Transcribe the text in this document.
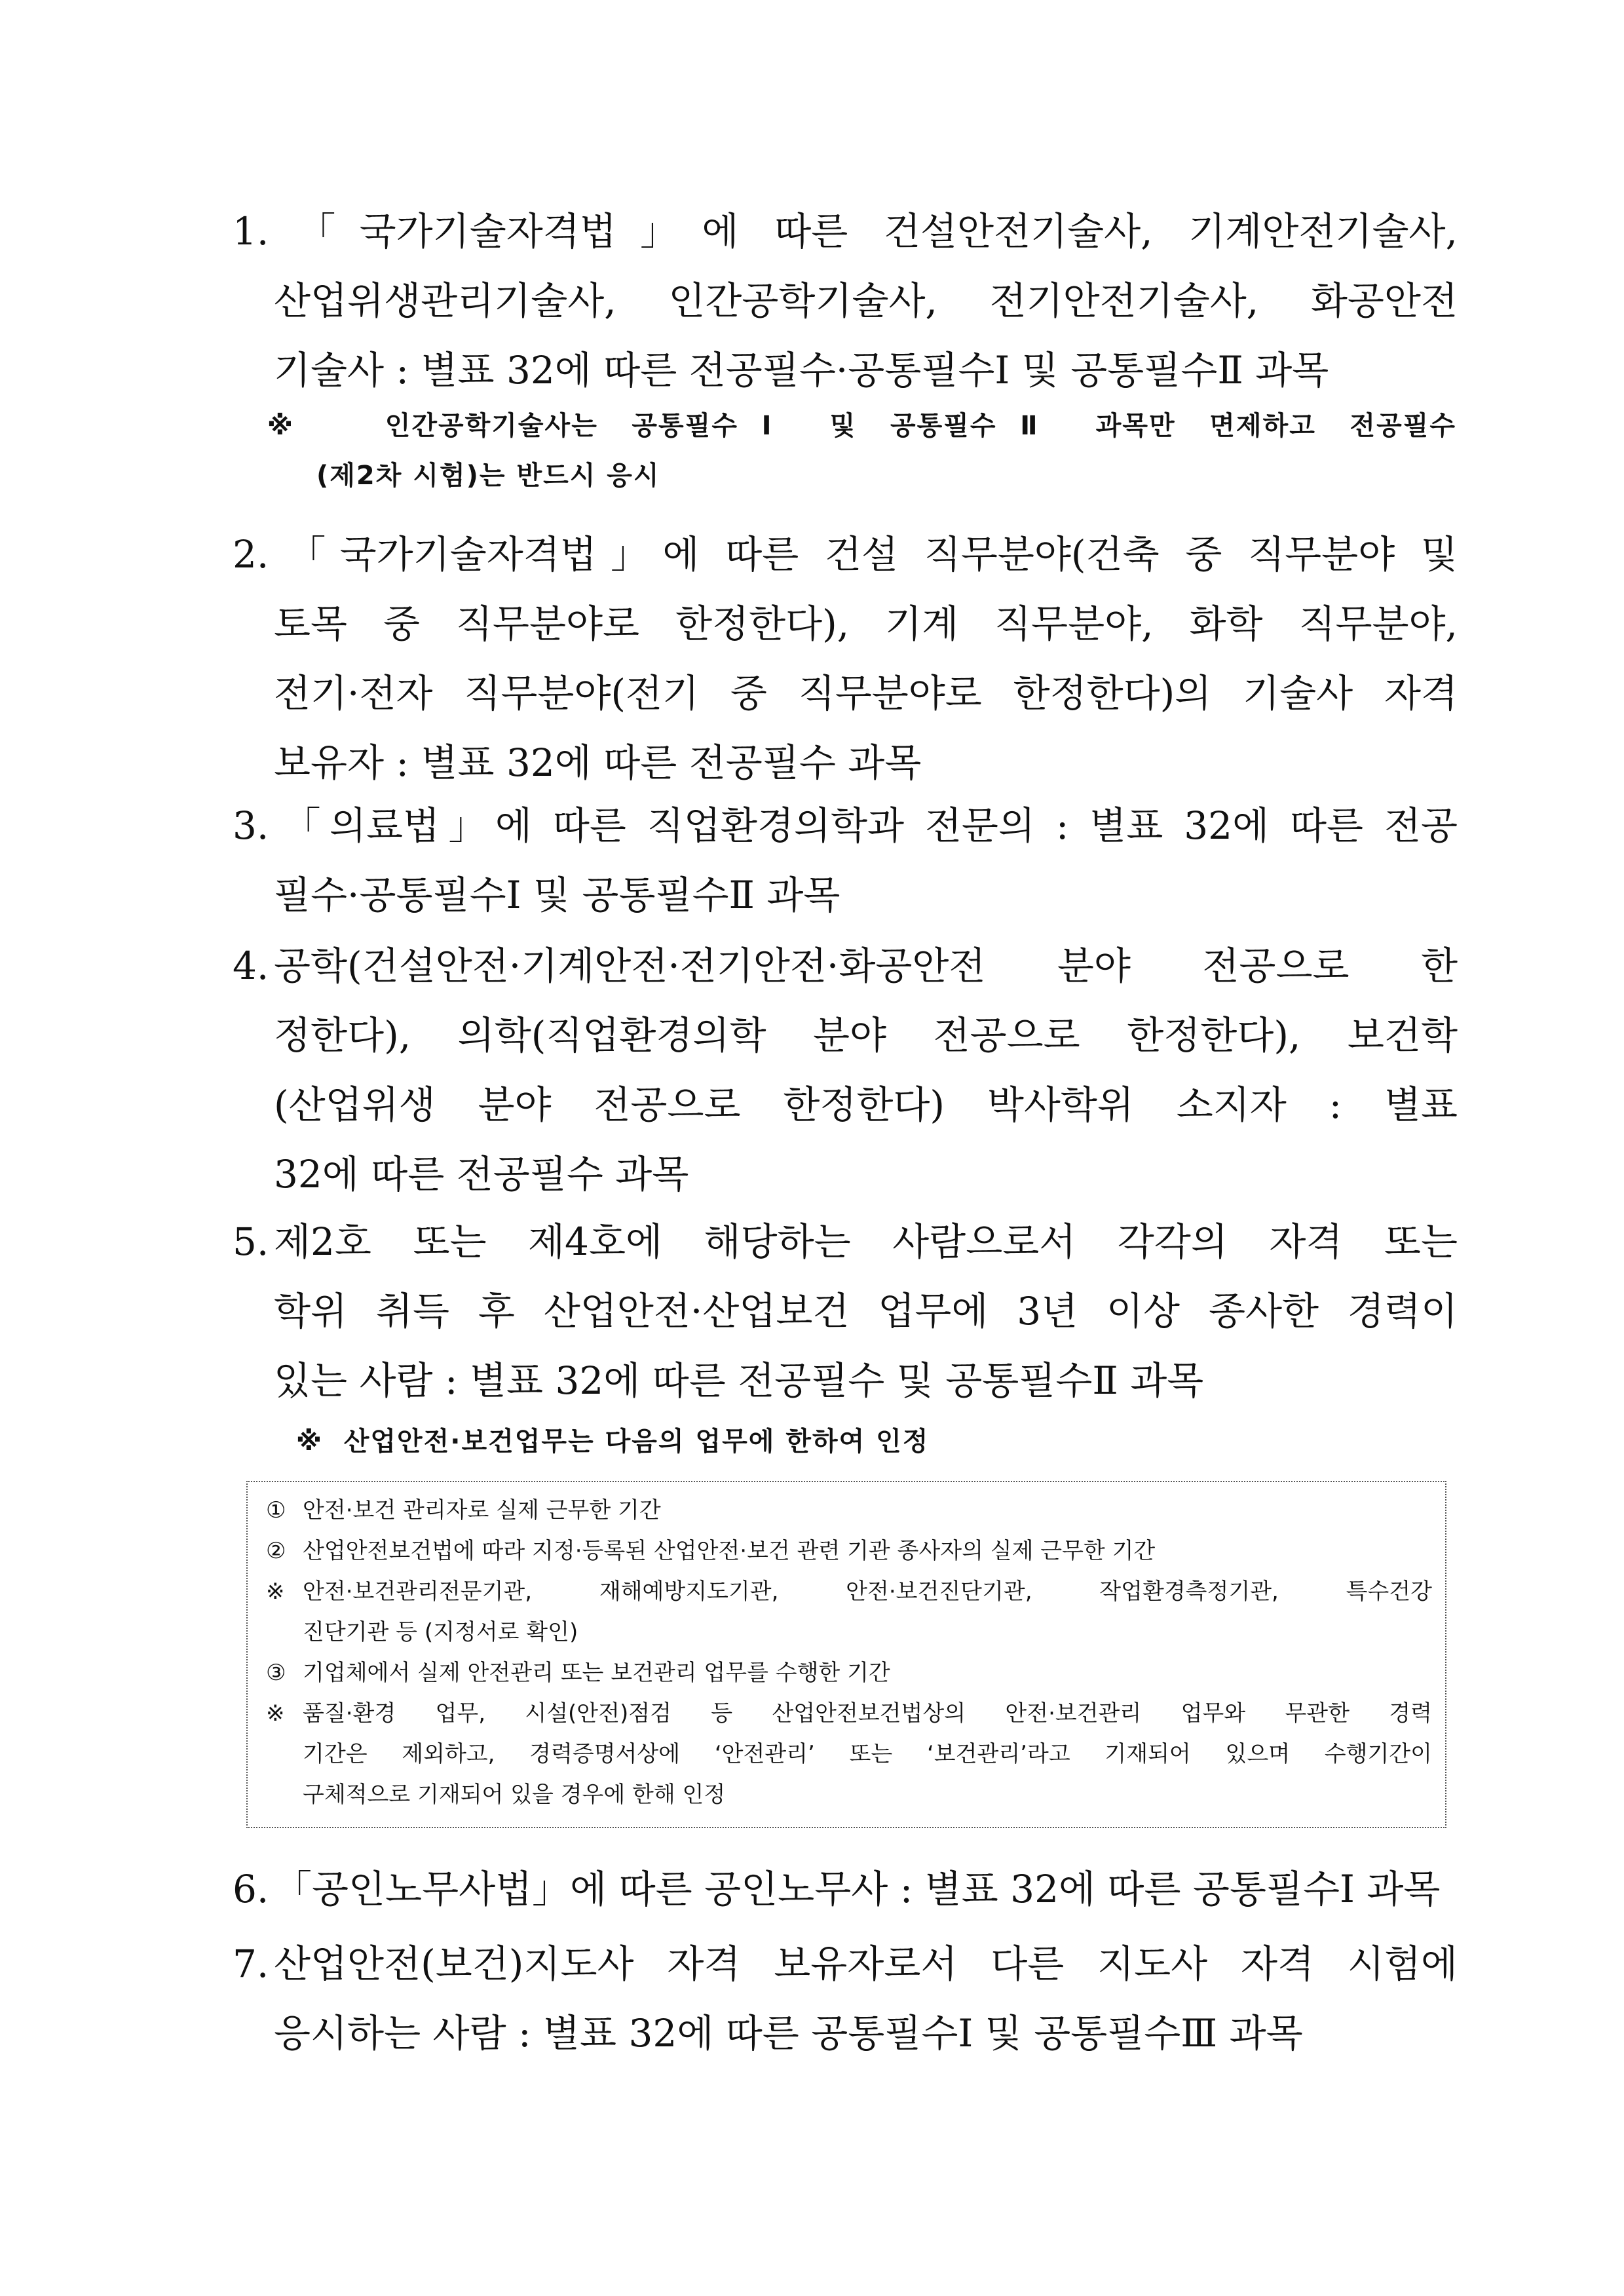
1. 「국가기술자격법」에 따른 건설안전기술사, 기계안전기술사,
산업위생관리기술사, 인간공학기술사, 전기안전기술사, 화공안전
기술사 : 별표 32에 따른 전공필수·공통필수Ⅰ 및 공통필수Ⅱ 과목
※	인간공학기술사는 공통필수Ⅰ 및 공통필수Ⅱ 과목만 면제하고 전공필수
(제2차 시험)는 반드시 응시
2. 「국가기술자격법」에 따른 건설 직무분야(건축 중 직무분야 및
토목 중 직무분야로 한정한다), 기계 직무분야, 화학 직무분야,
전기·전자 직무분야(전기 중 직무분야로 한정한다)의 기술사 자격
보유자 : 별표 32에 따른 전공필수 과목
3. 「의료법」에 따른 직업환경의학과 전문의 : 별표 32에 따른 전공
필수·공통필수Ⅰ 및 공통필수Ⅱ 과목
4. 공학(건설안전·기계안전·전기안전·화공안전 분야 전공으로 한
정한다), 의학(직업환경의학 분야 전공으로 한정한다), 보건학
(산업위생 분야 전공으로 한정한다) 박사학위 소지자 : 별표
32에 따른 전공필수 과목
5. 제2호 또는 제4호에 해당하는 사람으로서 각각의 자격 또는
학위 취득 후 산업안전·산업보건 업무에 3년 이상 종사한 경력이
있는 사람 : 별표 32에 따른 전공필수 및 공통필수Ⅱ 과목
※ 산업안전·보건업무는 다음의 업무에 한하여 인정
① 안전·보건 관리자로 실제 근무한 기간
② 산업안전보건법에 따라 지정·등록된 산업안전·보건 관련 기관 종사자의 실제 근무한 기간
※ 안전·보건관리전문기관, 재해예방지도기관, 안전·보건진단기관, 작업환경측정기관, 특수건강
진단기관 등 (지정서로 확인)
③ 기업체에서 실제 안전관리 또는 보건관리 업무를 수행한 기간
※ 품질·환경 업무, 시설(안전)점검 등 산업안전보건법상의 안전·보건관리 업무와 무관한 경력
기간은 제외하고, 경력증명서상에 ‘안전관리’ 또는 ‘보건관리’라고 기재되어 있으며 수행기간이
구체적으로 기재되어 있을 경우에 한해 인정
6. 「공인노무사법」에 따른 공인노무사 : 별표 32에 따른 공통필수Ⅰ 과목
7. 산업안전(보건)지도사 자격 보유자로서 다른 지도사 자격 시험에
응시하는 사람 : 별표 32에 따른 공통필수Ⅰ 및 공통필수Ⅲ 과목
